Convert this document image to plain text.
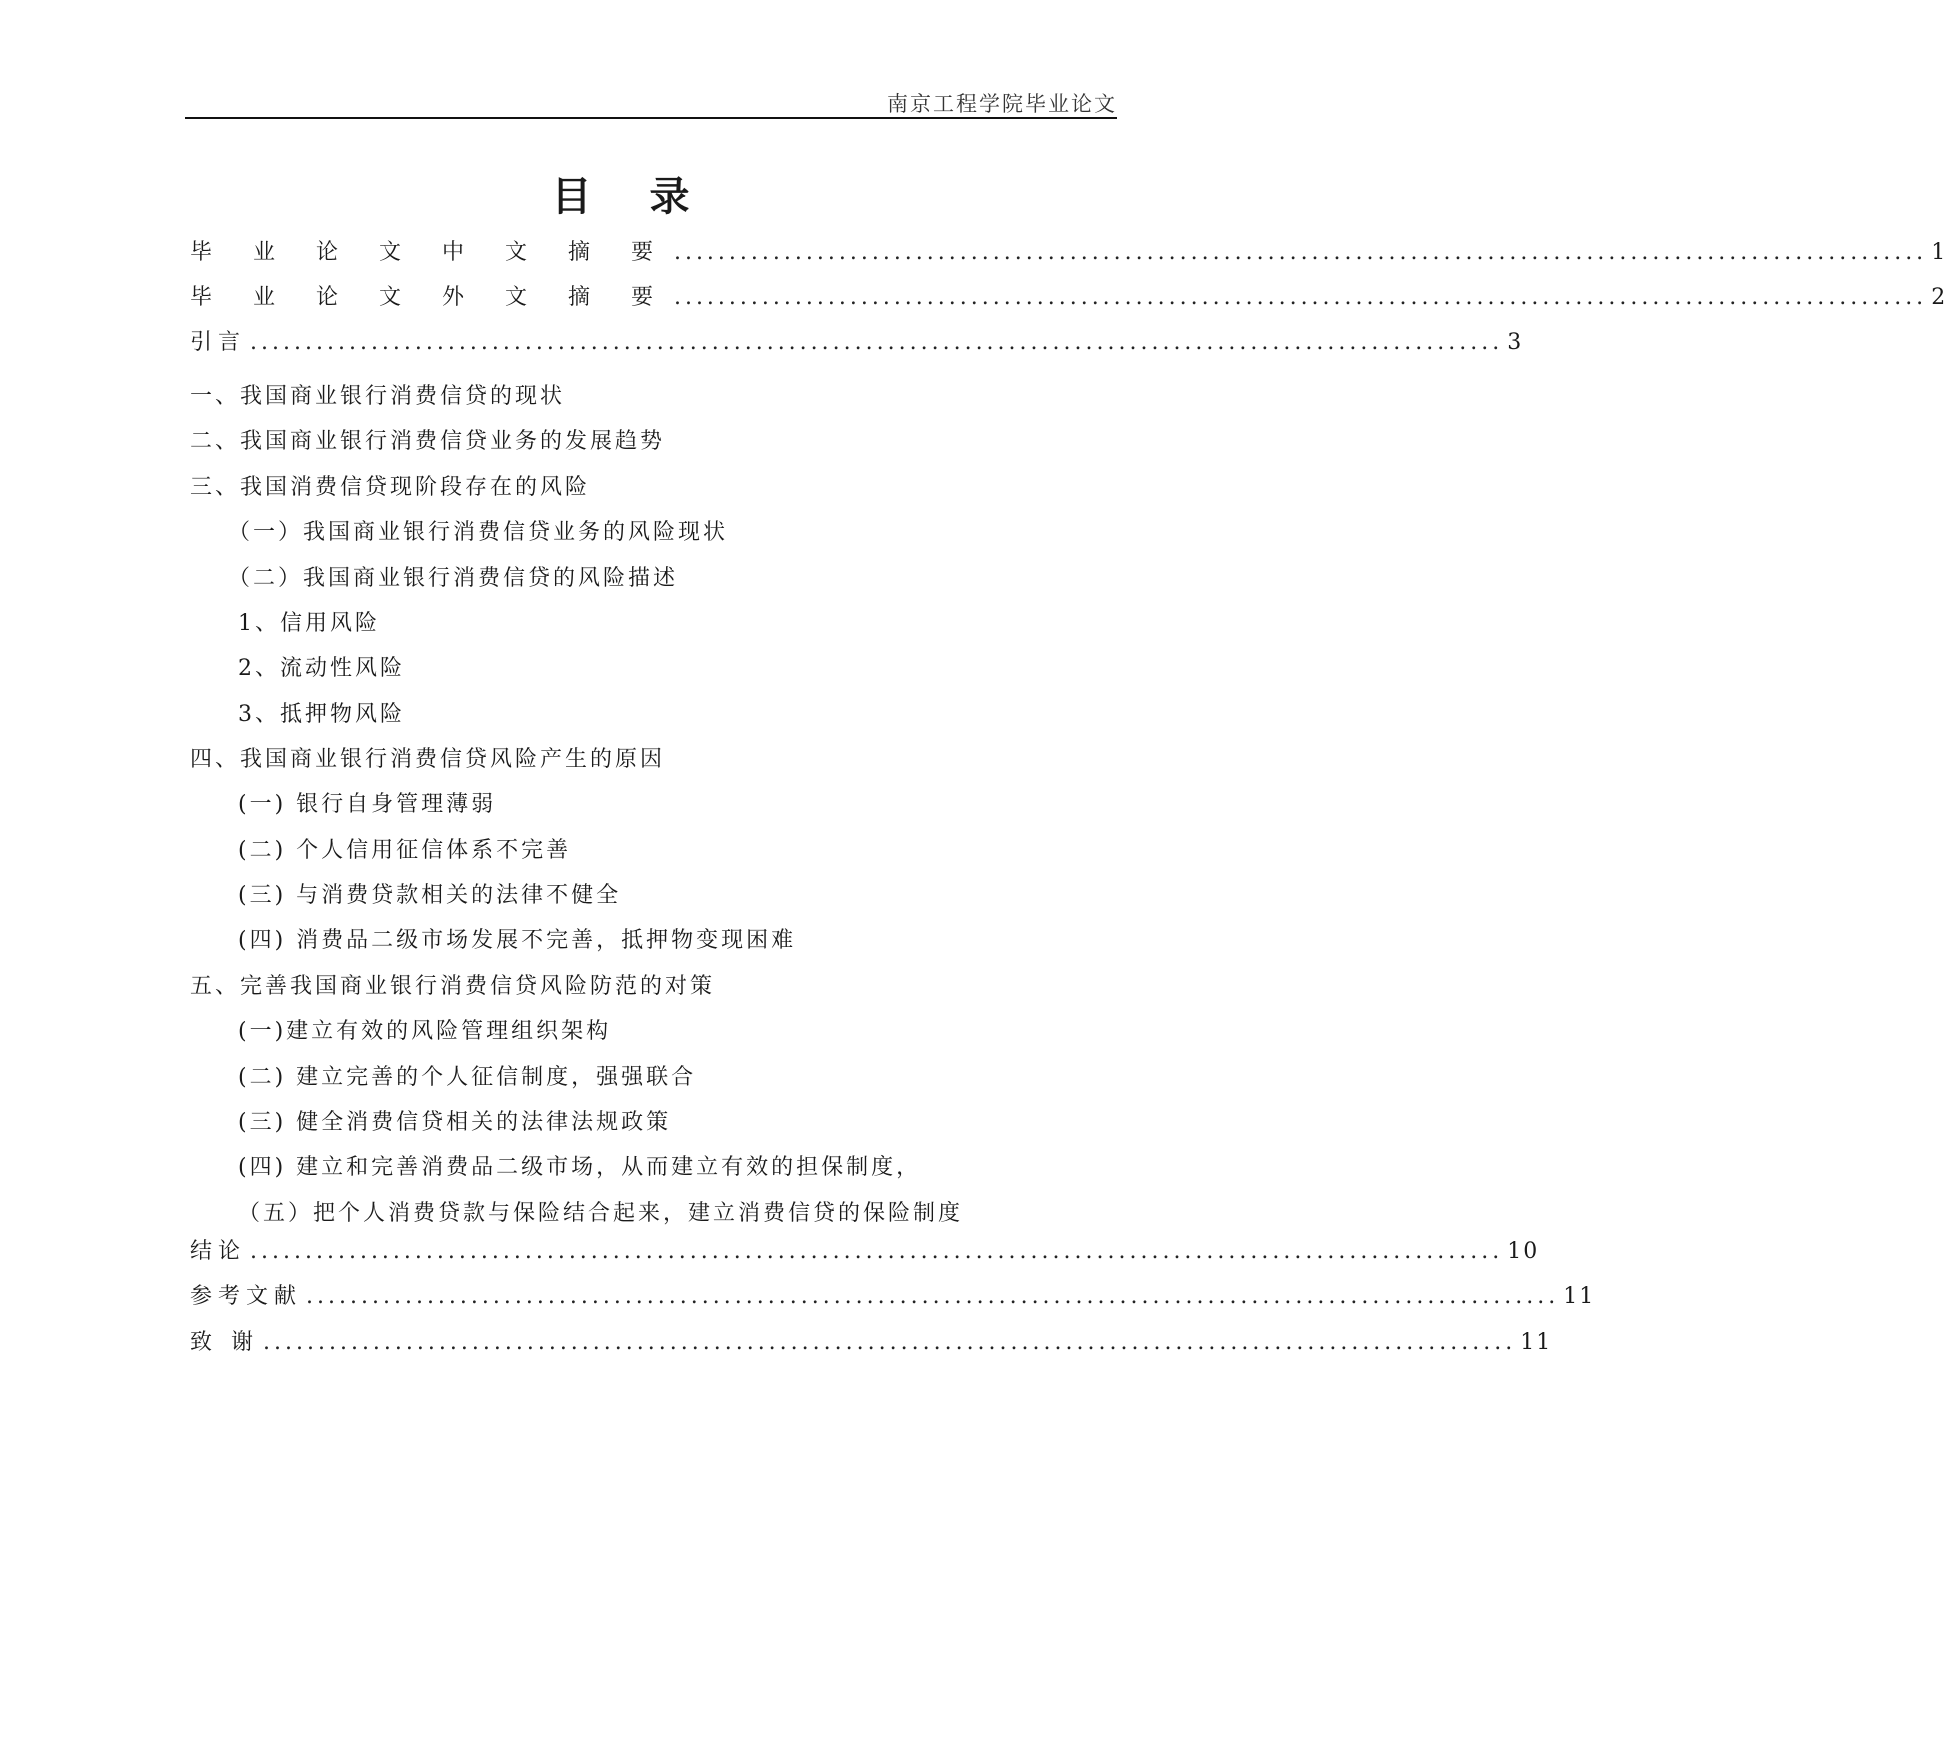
南京工程学院毕业论文
目 录
毕 业 论 文 中 文 摘 要 .................................................................................................................. 1
毕 业 论 文 外 文 摘 要 .................................................................................................................. 2
引言 .................................................................................................................. 3
一、我国商业银行消费信贷的现状
二、我国商业银行消费信贷业务的发展趋势
三、我国消费信贷现阶段存在的风险
（一）我国商业银行消费信贷业务的风险现状
（二）我国商业银行消费信贷的风险描述
1、信用风险
2、流动性风险
3、抵押物风险
四、我国商业银行消费信贷风险产生的原因
(一) 银行自身管理薄弱
(二) 个人信用征信体系不完善
(三) 与消费贷款相关的法律不健全
(四) 消费品二级市场发展不完善，抵押物变现困难
五、完善我国商业银行消费信贷风险防范的对策
(一)建立有效的风险管理组织架构
(二) 建立完善的个人征信制度，强强联合
(三) 健全消费信贷相关的法律法规政策
(四) 建立和完善消费品二级市场，从而建立有效的担保制度，
（五）把个人消费贷款与保险结合起来，建立消费信贷的保险制度
结论 .................................................................................................................. 10
参考文献 .................................................................................................................. 11
致 谢 .................................................................................................................. 11
